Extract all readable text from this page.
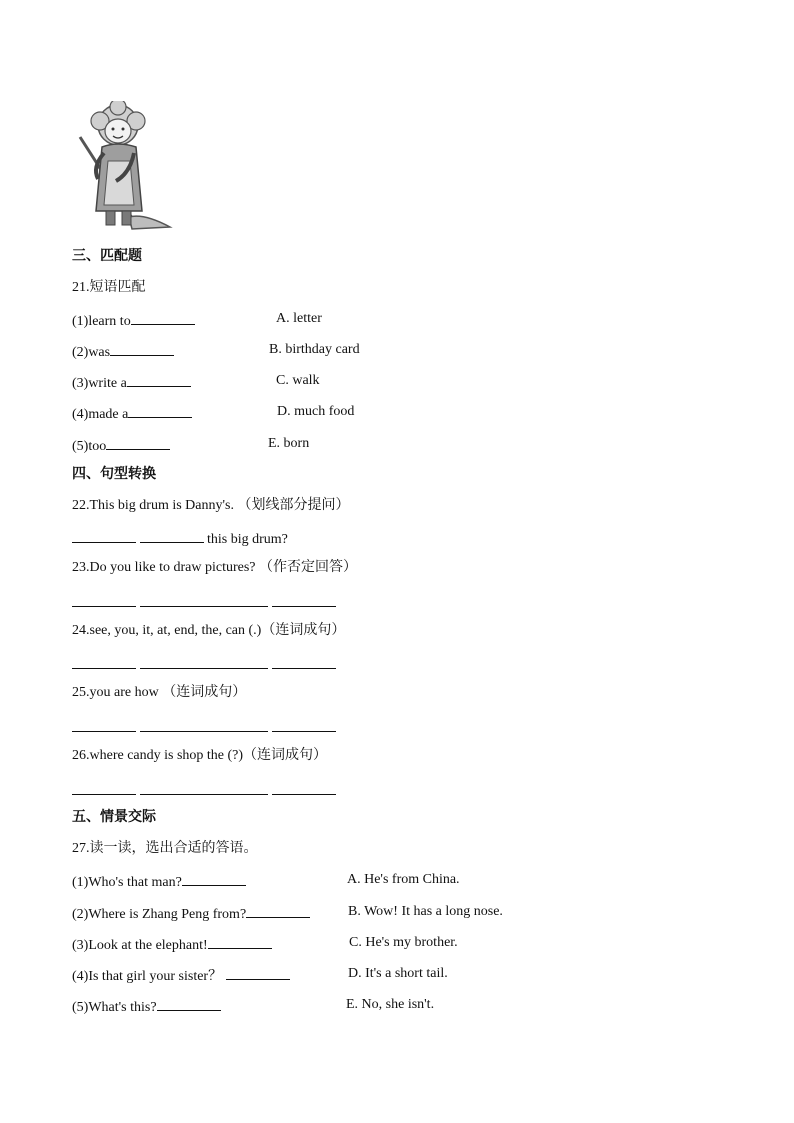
三、匹配题
21.短语匹配
(1)learn to	A. letter
(2)was	B. birthday card
(3)write a	C. walk
(4)made a	D. much food
(5)too	E. born
四、句型转换
22.This big drum is Danny's. （划线部分提问）
this big drum?
23.Do you like to draw pictures? （作否定回答）
24.see, you, it, at, end, the, can (.)（连词成句）
25.you are how （连词成句）
26.where candy is shop the (?)（连词成句）
五、情景交际
27.读一读，选出合适的答语。
(1)Who's that man?	A. He's from China.
(2)Where is Zhang Peng from?	B. Wow! It has a long nose.
(3)Look at the elephant!	C. He's my brother.
(4)Is that girl your sister？	D. It's a short tail.
(5)What's this?	E. No, she isn't.
